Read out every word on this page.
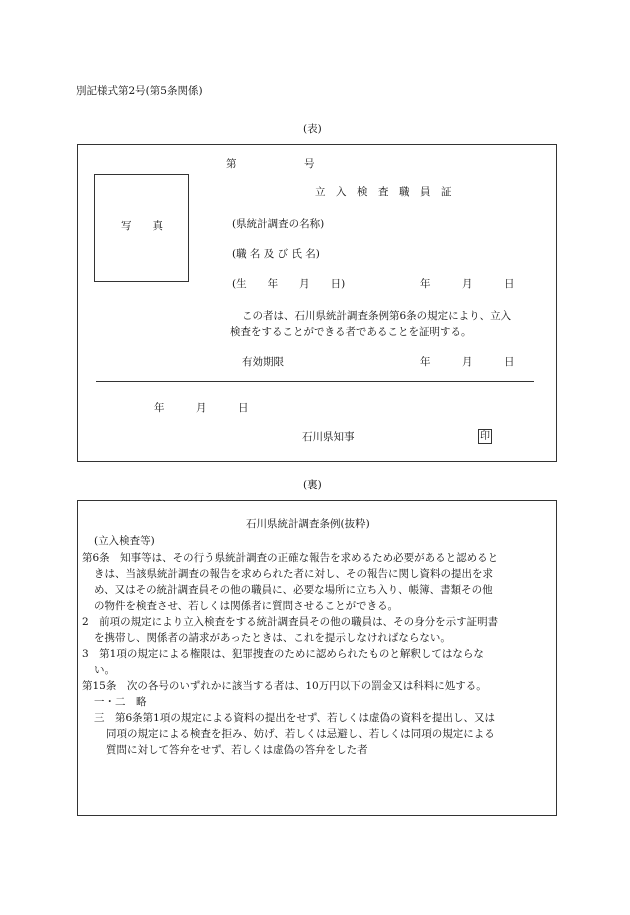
別記様式第2号(第5条関係)
(表)
第	号
写　　真
立　入　検　査　職　員　証
(県統計調査の名称)
(職 名 及 び 氏 名)
(生　　年　　月　　日)	年　　　月　　　日
この者は、石川県統計調査条例第6条の規定により、立入
検査をすることができる者であることを証明する。
有効期限	年　　　月　　　日
年　　　月　　　日
石川県知事	印
(裏)
石川県統計調査条例(抜粋)
(立入検査等)
第6条　知事等は、その行う県統計調査の正確な報告を求めるため必要があると認めると
きは、当該県統計調査の報告を求められた者に対し、その報告に関し資料の提出を求
め、又はその統計調査員その他の職員に、必要な場所に立ち入り、帳簿、書類その他
の物件を検査させ、若しくは関係者に質問させることができる。
2　前項の規定により立入検査をする統計調査員その他の職員は、その身分を示す証明書
を携帯し、関係者の請求があったときは、これを提示しなければならない。
3　第1項の規定による権限は、犯罪捜査のために認められたものと解釈してはならな
い。
第15条　次の各号のいずれかに該当する者は、10万円以下の罰金又は科料に処する。
一・二　略
三　第6条第1項の規定による資料の提出をせず、若しくは虚偽の資料を提出し、又は
同項の規定による検査を拒み、妨げ、若しくは忌避し、若しくは同項の規定による
質問に対して答弁をせず、若しくは虚偽の答弁をした者
